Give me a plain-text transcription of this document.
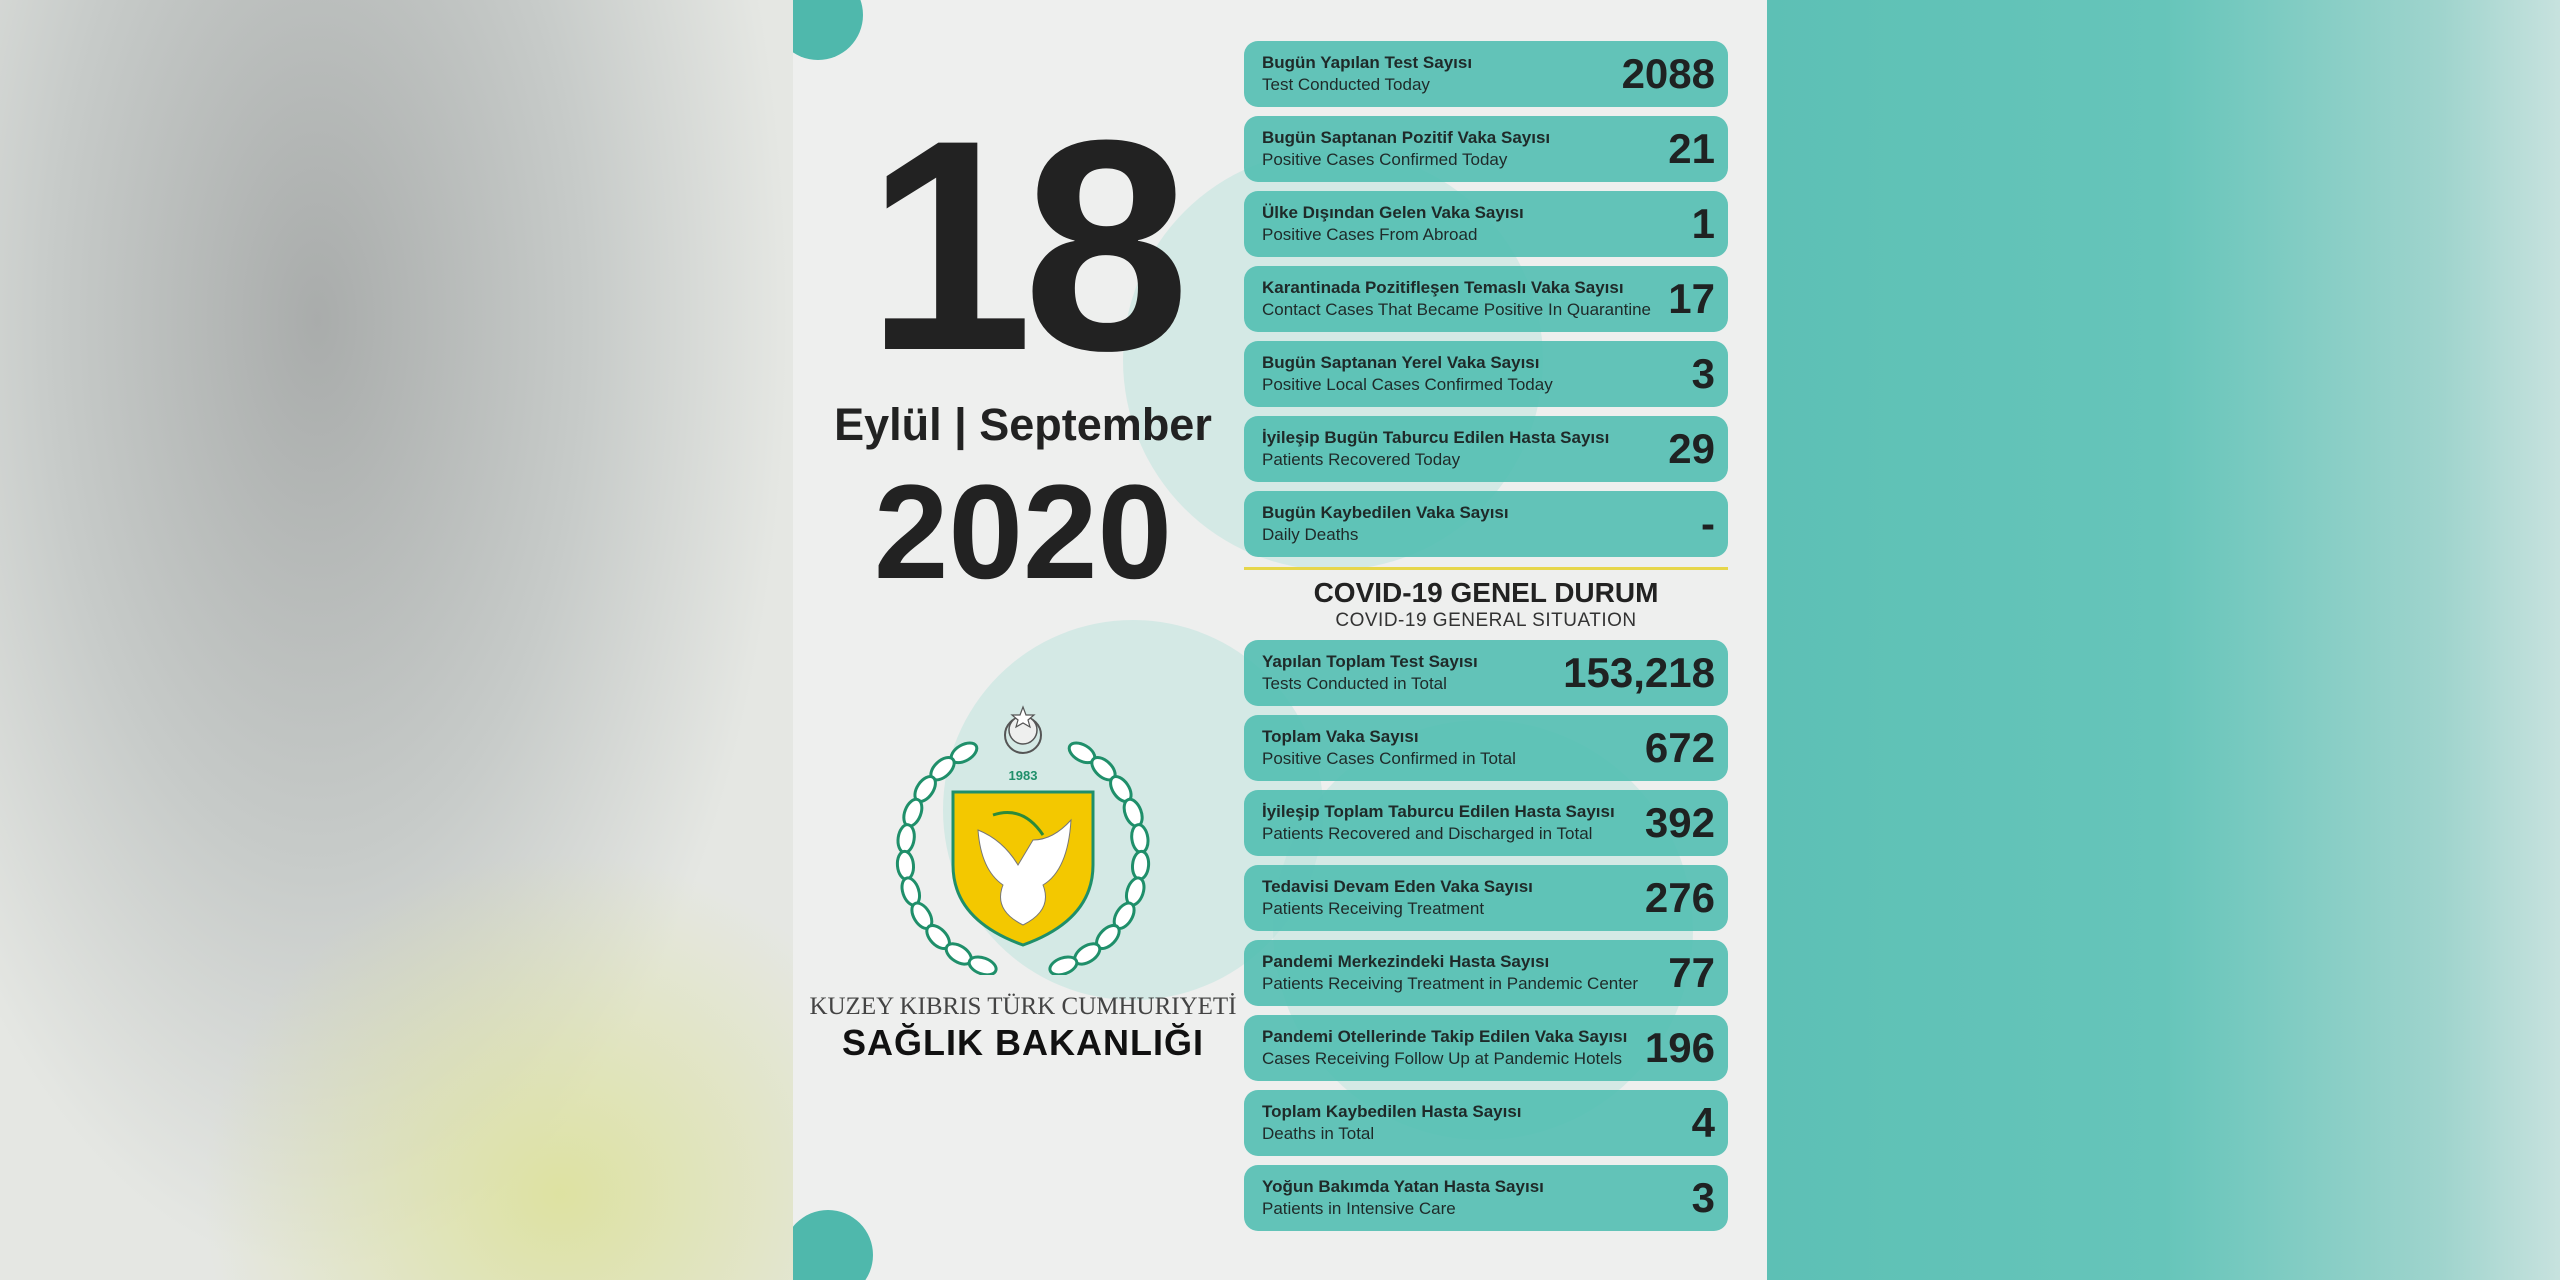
18
Eylül | September
2020
1983
KUZEY KIBRIS TÜRK CUMHURIYETİ
SAĞLIK BAKANLIĞI
Bugün Yapılan Test Sayısı
Test Conducted Today	2088
Bugün Saptanan Pozitif Vaka Sayısı
Positive Cases Confirmed Today	21
Ülke Dışından Gelen Vaka Sayısı
Positive Cases From Abroad	1
Karantinada Pozitifleşen Temaslı Vaka Sayısı
Contact Cases That Became Positive In Quarantine 17
Bugün Saptanan Yerel Vaka Sayısı
Positive Local Cases Confirmed Today	3
İyileşip Bugün Taburcu Edilen Hasta Sayısı
Patients Recovered Today	29
Bugün Kaybedilen Vaka Sayısı
Daily Deaths	-
COVID-19 GENEL DURUM
COVID-19 GENERAL SITUATION
Yapılan Toplam Test Sayısı
Tests Conducted in Total	153,218
Toplam Vaka Sayısı
Positive Cases Confirmed in Total	672
İyileşip Toplam Taburcu Edilen Hasta Sayısı
Patients Recovered and Discharged in Total	392
Tedavisi Devam Eden Vaka Sayısı
Patients Receiving Treatment	276
Pandemi Merkezindeki Hasta Sayısı
Patients Receiving Treatment in Pandemic Center 77
Pandemi Otellerinde Takip Edilen Vaka Sayısı
Cases Receiving Follow Up at Pandemic Hotels 196
Toplam Kaybedilen Hasta Sayısı
Deaths in Total	4
Yoğun Bakımda Yatan Hasta Sayısı
Patients in Intensive Care	3
